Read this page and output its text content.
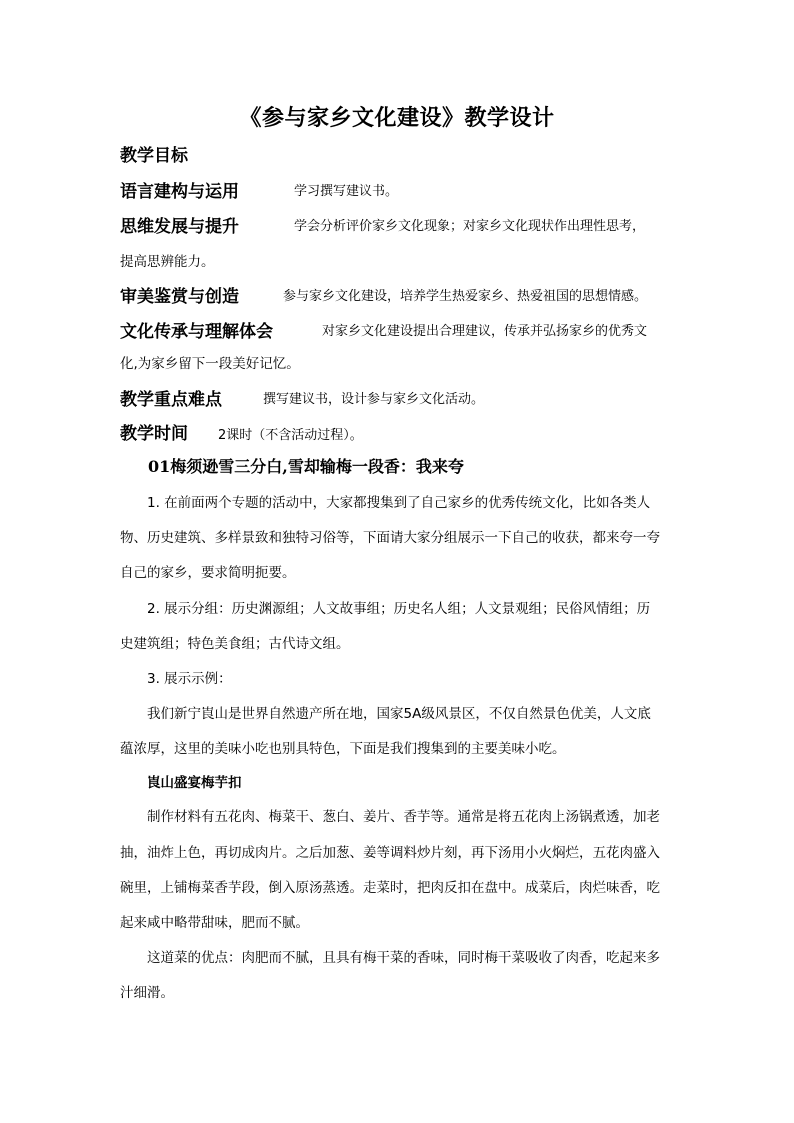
《参与家乡文化建设》教学设计
教学目标
语言建构与运用	学习撰写建议书。
思维发展与提升	学会分析评价家乡文化现象；对家乡文化现状作出理性思考，
提高思辨能力。
审美鉴赏与创造	参与家乡文化建设，培养学生热爱家乡、热爱祖国的思想情感。
文化传承与理解体会	对家乡文化建设提出合理建议，传承并弘扬家乡的优秀文
化,为家乡留下一段美好记忆。
教学重点难点	撰写建议书，设计参与家乡文化活动。
教学时间 2课时（不含活动过程）。
01梅须逊雪三分白,雪却输梅一段香：我来夸
1. 在前面两个专题的活动中，大家都搜集到了自己家乡的优秀传统文化，比如各类人
物、历史建筑、多样景致和独特习俗等，下面请大家分组展示一下自己的收获，都来夸一夸
自己的家乡，要求简明扼要。
2. 展示分组：历史渊源组；人文故事组；历史名人组；人文景观组；民俗风情组；历
史建筑组；特色美食组；古代诗文组。
3. 展示示例：
我们新宁崀山是世界自然遗产所在地，国家5A级风景区，不仅自然景色优美，人文底
蕴浓厚，这里的美味小吃也别具特色，下面是我们搜集到的主要美味小吃。
崀山盛宴梅芋扣
制作材料有五花肉、梅菜干、葱白、姜片、香芋等。通常是将五花肉上汤锅煮透，加老
抽，油炸上色，再切成肉片。之后加葱、姜等调料炒片刻，再下汤用小火焖烂，五花肉盛入
碗里，上铺梅菜香芋段，倒入原汤蒸透。走菜时，把肉反扣在盘中。成菜后，肉烂味香，吃
起来咸中略带甜味，肥而不腻。
这道菜的优点：肉肥而不腻，且具有梅干菜的香味，同时梅干菜吸收了肉香，吃起来多
汁细滑。
